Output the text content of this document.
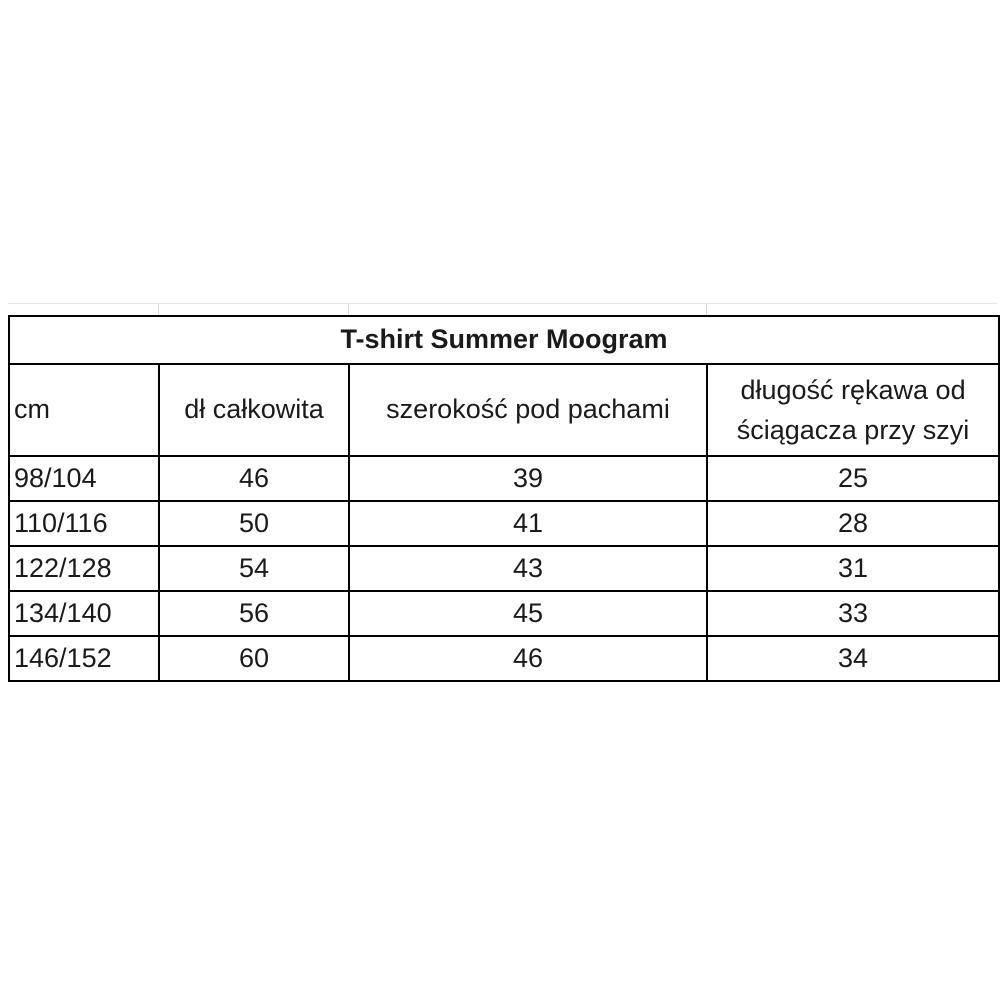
T-shirt Summer Moogram			
cm	dł całkowita	szerokość pod pachami	długość rękawa od ściągacza przy szyi
98/104	46	39	25
110/116	50	41	28
122/128	54	43	31
134/140	56	45	33
146/152	60	46	34
